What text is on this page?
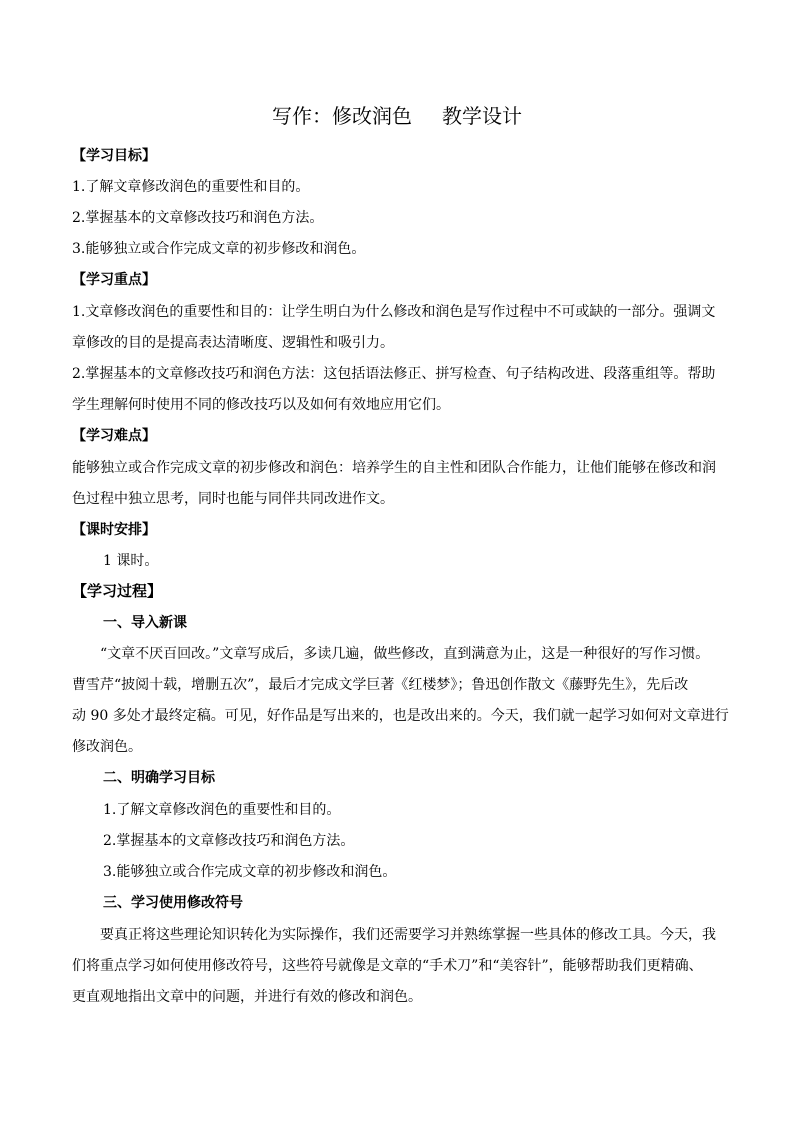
写作：修改润色 教学设计
【学习目标】
1.了解文章修改润色的重要性和目的。
2.掌握基本的文章修改技巧和润色方法。
3.能够独立或合作完成文章的初步修改和润色。
【学习重点】
1.文章修改润色的重要性和目的：让学生明白为什么修改和润色是写作过程中不可或缺的一部分。强调文
章修改的目的是提高表达清晰度、逻辑性和吸引力。
2.掌握基本的文章修改技巧和润色方法：这包括语法修正、拼写检查、句子结构改进、段落重组等。帮助
学生理解何时使用不同的修改技巧以及如何有效地应用它们。
【学习难点】
能够独立或合作完成文章的初步修改和润色：培养学生的自主性和团队合作能力，让他们能够在修改和润
色过程中独立思考，同时也能与同伴共同改进作文。
【课时安排】
1 课时。
【学习过程】
一、导入新课
“文章不厌百回改。”文章写成后，多读几遍，做些修改，直到满意为止，这是一种很好的写作习惯。
曹雪芹“披阅十载，增删五次”，最后才完成文学巨著《红楼梦》；鲁迅创作散文《藤野先生》，先后改
动 90 多处才最终定稿。可见，好作品是写出来的，也是改出来的。今天，我们就一起学习如何对文章进行
修改润色。
二、明确学习目标
1.了解文章修改润色的重要性和目的。
2.掌握基本的文章修改技巧和润色方法。
3.能够独立或合作完成文章的初步修改和润色。
三、学习使用修改符号
要真正将这些理论知识转化为实际操作，我们还需要学习并熟练掌握一些具体的修改工具。今天，我
们将重点学习如何使用修改符号，这些符号就像是文章的“手术刀”和“美容针”，能够帮助我们更精确、
更直观地指出文章中的问题，并进行有效的修改和润色。
